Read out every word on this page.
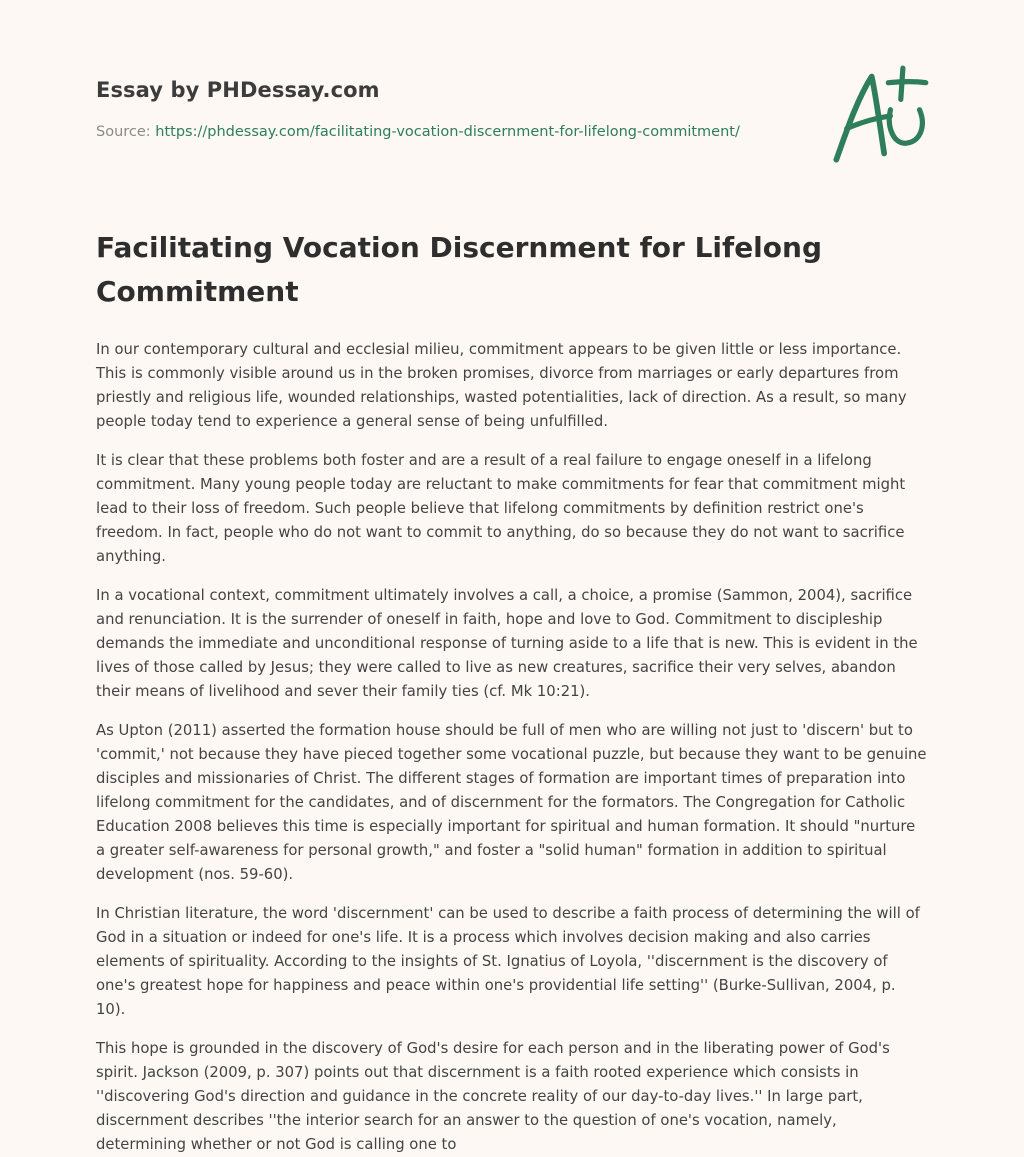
Essay by PHDessay.com
Source: https://phdessay.com/facilitating-vocation-discernment-for-lifelong-commitment/
Facilitating Vocation Discernment for Lifelong Commitment

In our contemporary cultural and ecclesial milieu, commitment appears to be given little or less importance. This is commonly visible around us in the broken promises, divorce from marriages or early departures from priestly and religious life, wounded relationships, wasted potentialities, lack of direction. As a result, so many people today tend to experience a general sense of being unfulfilled.

It is clear that these problems both foster and are a result of a real failure to engage oneself in a lifelong commitment. Many young people today are reluctant to make commitments for fear that commitment might lead to their loss of freedom. Such people believe that lifelong commitments by definition restrict one's freedom. In fact, people who do not want to commit to anything, do so because they do not want to sacrifice anything.

In a vocational context, commitment ultimately involves a call, a choice, a promise (Sammon, 2004), sacrifice and renunciation. It is the surrender of oneself in faith, hope and love to God. Commitment to discipleship demands the immediate and unconditional response of turning aside to a life that is new. This is evident in the lives of those called by Jesus; they were called to live as new creatures, sacrifice their very selves, abandon their means of livelihood and sever their family ties (cf. Mk 10:21).

As Upton (2011) asserted the formation house should be full of men who are willing not just to 'discern' but to 'commit,' not because they have pieced together some vocational puzzle, but because they want to be genuine disciples and missionaries of Christ. The different stages of formation are important times of preparation into lifelong commitment for the candidates, and of discernment for the formators. The Congregation for Catholic Education 2008 believes this time is especially important for spiritual and human formation. It should "nurture a greater self-awareness for personal growth," and foster a "solid human" formation in addition to spiritual development (nos. 59-60).

In Christian literature, the word 'discernment' can be used to describe a faith process of determining the will of God in a situation or indeed for one's life. It is a process which involves decision making and also carries elements of spirituality. According to the insights of St. Ignatius of Loyola, ''discernment is the discovery of one's greatest hope for happiness and peace within one's providential life setting'' (Burke-Sullivan, 2004, p. 10).

This hope is grounded in the discovery of God's desire for each person and in the liberating power of God's spirit. Jackson (2009, p. 307) points out that discernment is a faith rooted experience which consists in ''discovering God's direction and guidance in the concrete reality of our day-to-day lives.'' In large part, discernment describes ''the interior search for an answer to the question of one's vocation, namely, determining whether or not God is calling one to
